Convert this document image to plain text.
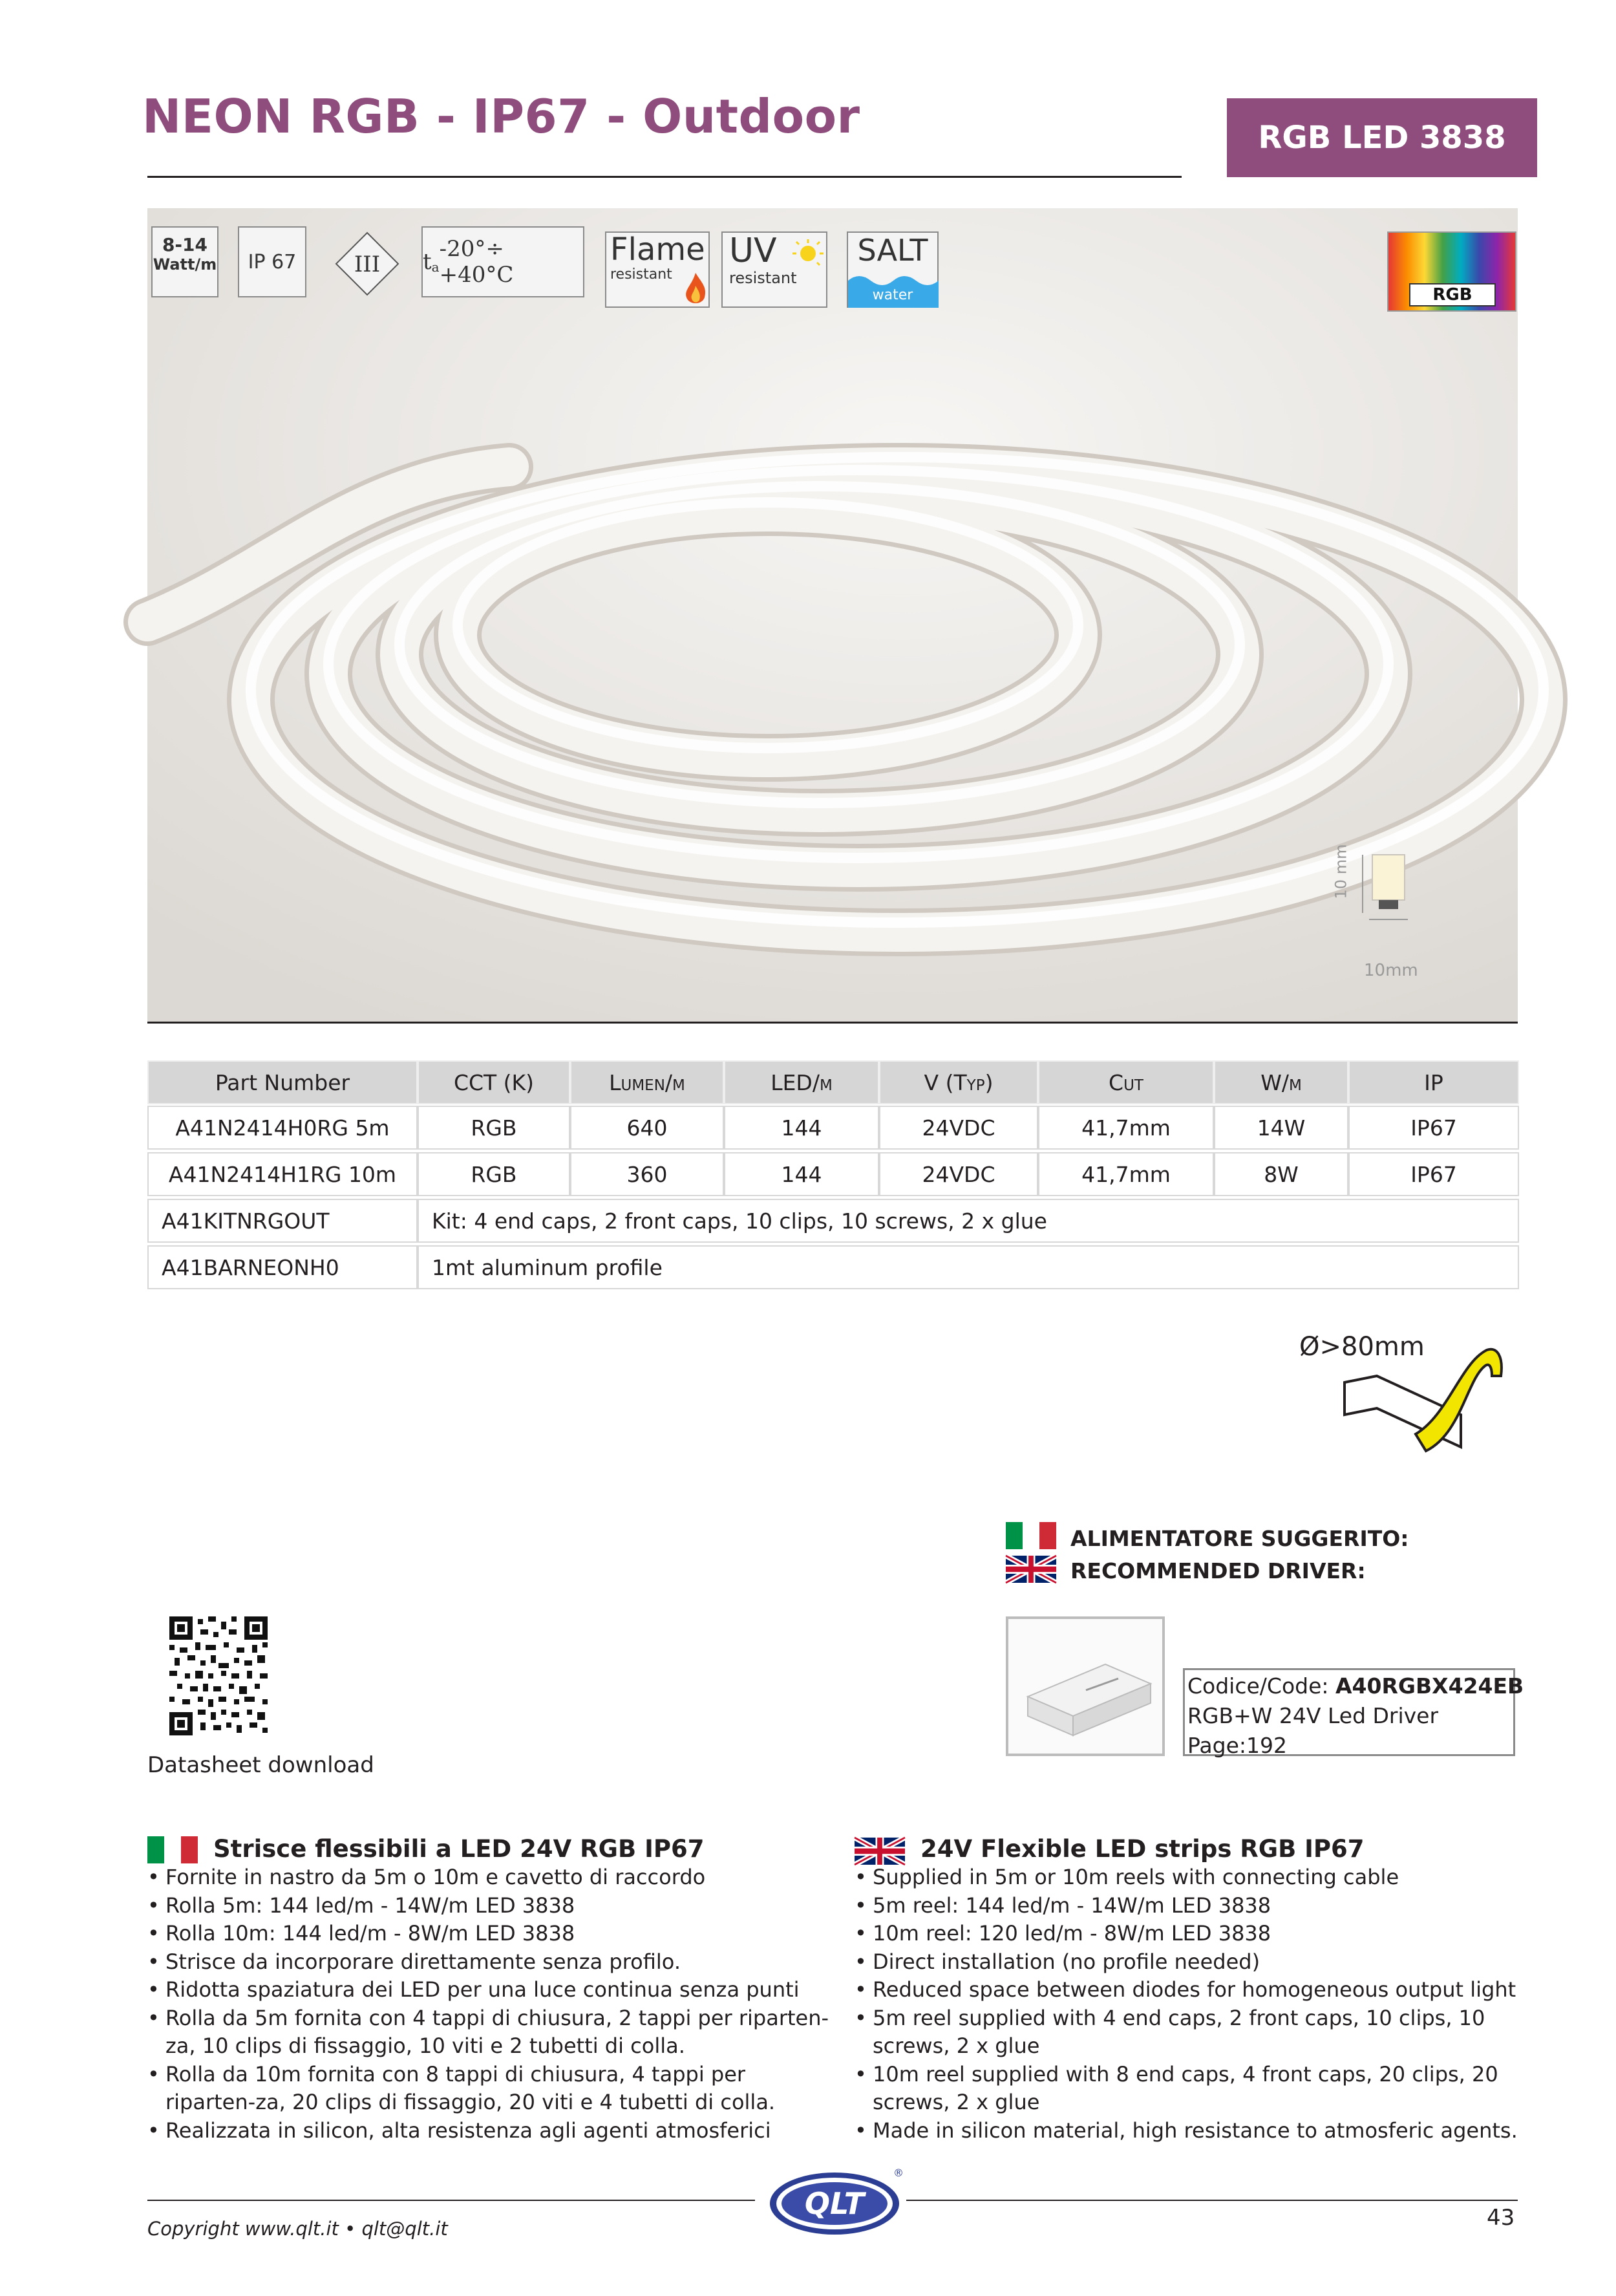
NEON RGB - IP67 - Outdoor	RGB LED 3838
8-14
Watt/m	IP 67	III t a
-20°÷ +40°C
Flame
resistant
UV
resistant
SALT
water	RGB
10 mm
10mm
Part Number	CCT (K)	Lumen/m	LED/m	V (Typ)	Cut	W/m	IP
A41N2414H0RG 5m	RGB	640	144	24VDC	41,7mm	14W	IP67
A41N2414H1RG 10m	RGB	360	144	24VDC	41,7mm	8W	IP67
A41KITNRGOUT	Kit: 4 end caps, 2 front caps, 10 clips, 10 screws, 2 x glue
A41BARNEONH0	1mt aluminum profile
Ø>80mm
ALIMENTATORE SUGGERITO:
RECOMMENDED DRIVER:
Codice/Code: A40RGBX424EB
RGB+W 24V Led Driver
Page:192
Datasheet download
Strisce flessibili a LED 24V RGB IP67
• Fornite in nastro da 5m o 10m e cavetto di raccordo
• Rolla 5m: 144 led/m - 14W/m LED 3838
• Rolla 10m: 144 led/m - 8W/m LED 3838
• Strisce da incorporare direttamente senza profilo.
• Ridotta spaziatura dei LED per una luce continua senza punti
• Rolla da 5m fornita con 4 tappi di chiusura, 2 tappi per riparten-za, 10 clips di fissaggio, 10 viti e 2 tubetti di colla.
• Rolla da 10m fornita con 8 tappi di chiusura, 4 tappi per riparten-za, 20 clips di fissaggio, 20 viti e 4 tubetti di colla.
• Realizzata in silicon, alta resistenza agli agenti atmosferici
24V Flexible LED strips RGB IP67
• Supplied in 5m or 10m reels with connecting cable
• 5m reel: 144 led/m - 14W/m LED 3838
• 10m reel: 120 led/m - 8W/m LED 3838
• Direct installation (no profile needed)
• Reduced space between diodes for homogeneous output light
• 5m reel supplied with 4 end caps, 2 front caps, 10 clips, 10 screws, 2 x glue
• 10m reel supplied with 8 end caps, 4 front caps, 20 clips, 20 screws, 2 x glue
• Made in silicon material, high resistance to atmosferic agents.
QLT
®
Copyright www.qlt.it • qlt@qlt.it	43
